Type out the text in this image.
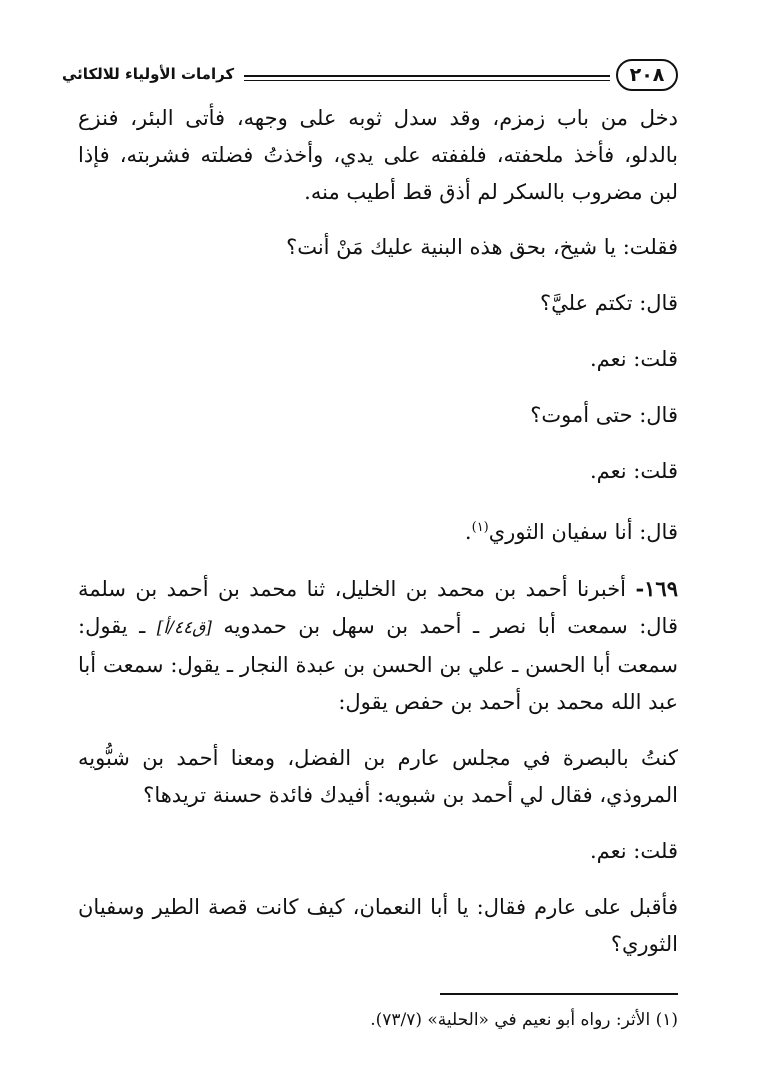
كرامات الأولياء للالكائي	٢٠٨

دخل من باب زمزم، وقد سدل ثوبه على وجهه، فأتى البئر، فنزع بالدلو، فأخذ ملحفته، فلففته على يدي، وأخذتُ فضلته فشربته، فإذا لبن مضروب بالسكر لم أذق قط أطيب منه.

فقلت: يا شيخ، بحق هذه البنية عليك مَنْ أنت؟

قال: تكتم عليَّ؟

قلت: نعم.

قال: حتى أموت؟

قلت: نعم.

قال: أنا سفيان الثوري$^{(١)}$.

١٦٩- أخبرنا أحمد بن محمد بن الخليل، ثنا محمد بن أحمد بن سلمة قال: سمعت أبا نصر ـ أحمد بن سهل بن حمدويه [ق٤٤/أ] ـ يقول: سمعت أبا الحسن ـ علي بن الحسن بن عبدة النجار ـ يقول: سمعت أبا عبد الله محمد بن أحمد بن حفص يقول:

كنتُ بالبصرة في مجلس عارم بن الفضل، ومعنا أحمد بن شبُّويه المروذي، فقال لي أحمد بن شبويه: أفيدك فائدة حسنة تريدها؟

قلت: نعم.

فأقبل على عارم فقال: يا أبا النعمان، كيف كانت قصة الطير وسفيان الثوري؟

(١) الأثر: رواه أبو نعيم في «الحلية» (٧٣/٧).
